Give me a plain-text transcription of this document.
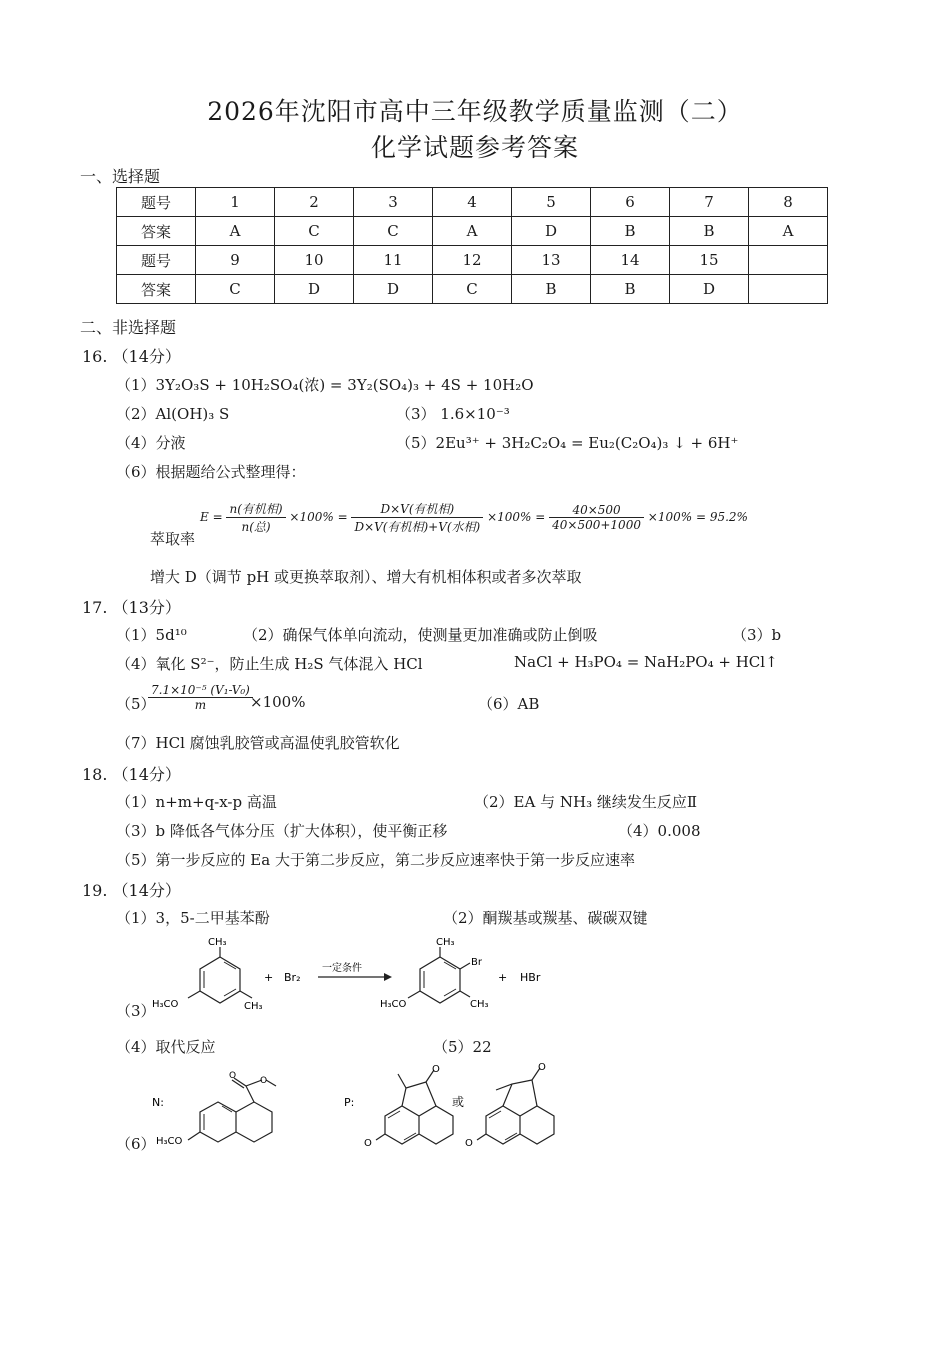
2026年沈阳市高中三年级教学质量监测（二）
化学试题参考答案
一、选择题
题号	1	2	3	4	5	6	7	8
答案	A	C	C	A	D	B	B	A
题号	9	10	11	12	13	14	15	
答案	C	D	D	C	B	B	D	
二、非选择题
16. （14分）
（1）3Y₂O₃S + 10H₂SO₄(浓) = 3Y₂(SO₄)₃ + 4S + 10H₂O
（2）Al(OH)₃ S	（3） 1.6×10⁻³
（4）分液	（5）2Eu³⁺ + 3H₂C₂O₄ = Eu₂(C₂O₄)₃ ↓ + 6H⁺
（6）根据题给公式整理得：
$E = \frac{\text{n(有机相)}}{\text{n(总)}} \times 100\% = \frac{\text{D×V(有机相)}}{\text{D×V(有机相)+V(水相)}} \times 100\% = \frac{40\times 500}{40\times 500+1000} \times 100\% = 95.2\%$
萃取率
增大 D（调节 pH 或更换萃取剂）、增大有机相体积或者多次萃取
17. （13分）
（1）5d¹⁰	（2）确保气体单向流动，使测量更加准确或防止倒吸	（3）b
（4）氧化 S²⁻，防止生成 H₂S 气体混入 HCl	NaCl + H₃PO₄ = NaH₂PO₄ + HCl↑
（5）
$\frac{\text{7.1×10⁻⁵ (V₁-V₀)}}{m}$
×100%	（6）AB
（7）HCl 腐蚀乳胶管或高温使乳胶管软化
18. （14分）
（1）n+m+q-x-p 高温	（2）EA 与 NH₃ 继续发生反应Ⅱ
（3）b 降低各气体分压（扩大体积），使平衡正移	（4）0.008
（5）第一步反应的 Ea 大于第二步反应，第二步反应速率快于第一步反应速率
19. （14分）
（1）3，5-二甲基苯酚	（2）酮羰基或羰基、碳碳双键
（3）
CH₃
H₃CO	CH₃
+ Br₂
一定条件
CH₃
Br
H₃CO	CH₃
+ HBr
（4）取代反应	（5）22
（6）
N:
O	O
H₃CO
P:
O
O
或
O
O
